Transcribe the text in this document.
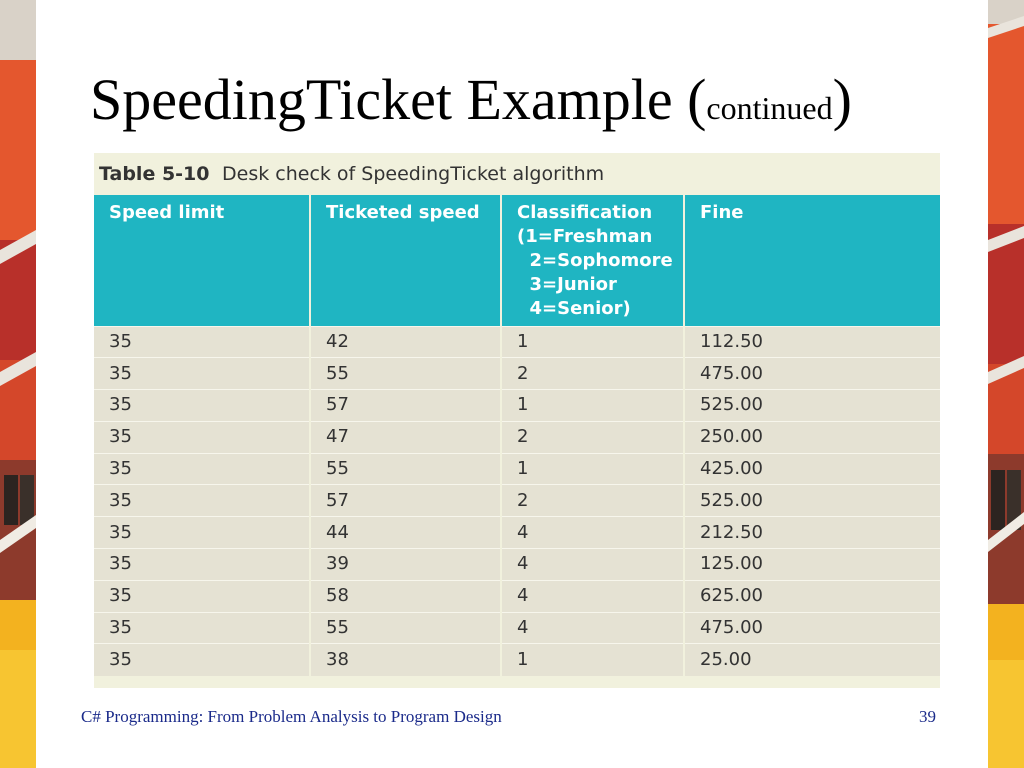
SpeedingTicket Example (continued)
Table 5-10 Desk check of SpeedingTicket algorithm
Speed limit	Ticketed speed	Classification
(1=Freshman
2=Sophomore
3=Junior
4=Senior)	Fine
35	42	1	112.50
35	55	2	475.00
35	57	1	525.00
35	47	2	250.00
35	55	1	425.00
35	57	2	525.00
35	44	4	212.50
35	39	4	125.00
35	58	4	625.00
35	55	4	475.00
35	38	1	25.00
C# Programming: From Problem Analysis to Program Design	39
